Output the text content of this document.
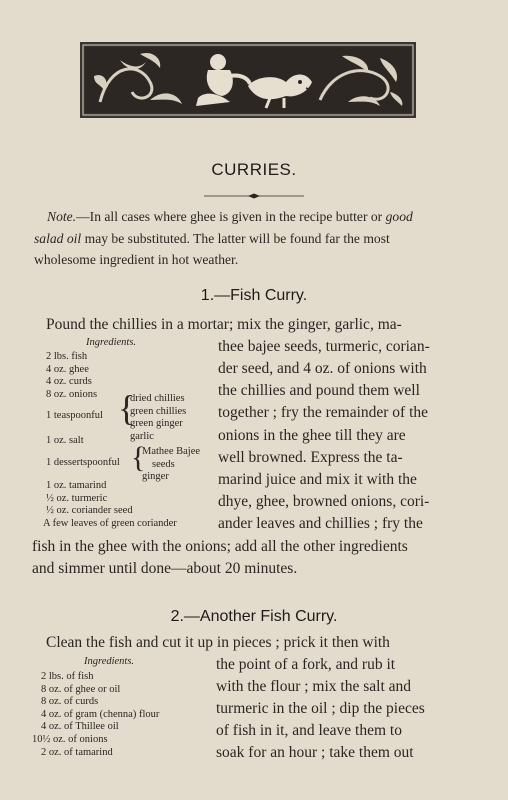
CURRIES.
Note.—In all cases where ghee is given in the recipe butter or good
salad oil may be substituted. The latter will be found far the most
wholesome ingredient in hot weather.
1.—Fish Curry.
Pound the chillies in a mortar; mix the ginger, garlic, ma-
Ingredients.
2 lbs. fish
4 oz. ghee
4 oz. curds
8 oz. onions
1 teaspoonful {
dried chillies
green chillies
green ginger
garlic
1 oz. salt
1 dessertspoonful {
Mathee Bajee
seeds
ginger
1 oz. tamarind
½ oz. turmeric
½ oz. coriander seed
A few leaves of green coriander
thee bajee seeds, turmeric, corian-
der seed, and 4 oz. of onions with
the chillies and pound them well
together ; fry the remainder of the
onions in the ghee till they are
well browned. Express the ta-
marind juice and mix it with the
dhye, ghee, browned onions, cori-
ander leaves and chillies ; fry the
fish in the ghee with the onions; add all the other ingredients
and simmer until done—about 20 minutes.
2.—Another Fish Curry.
Clean the fish and cut it up in pieces ; prick it then with
Ingredients.
2 lbs. of fish
8 oz. of ghee or oil
8 oz. of curds
4 oz. of gram (chenna) flour
4 oz. of Thillee oil
10½ oz. of onions
2 oz. of tamarind
the point of a fork, and rub it
with the flour ; mix the salt and
turmeric in the oil ; dip the pieces
of fish in it, and leave them to
soak for an hour ; take them out
